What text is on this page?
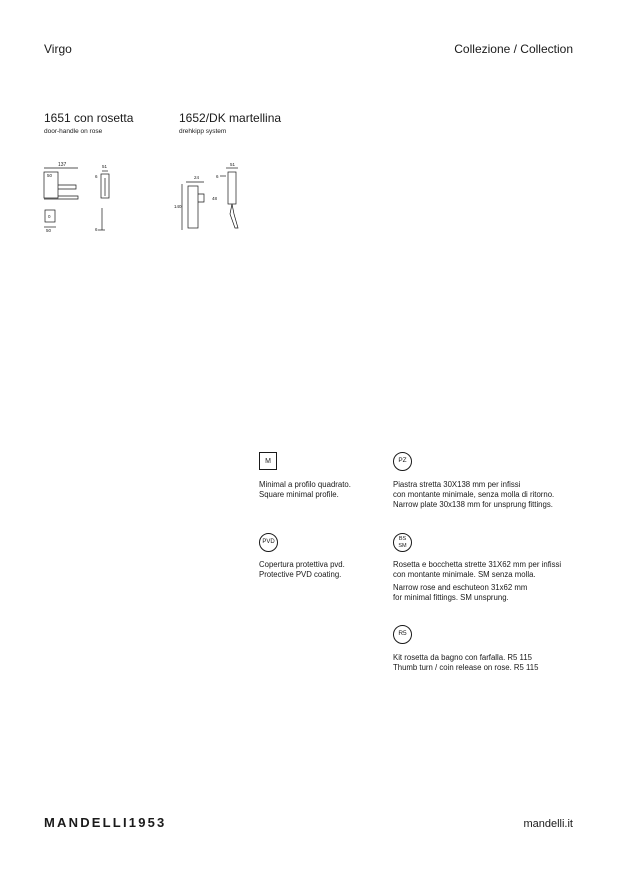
Virgo	Collezione / Collection
1651 con rosetta
door-handle on rose
1652/DK martellina
drehkipp system
137
50
51
6
0
50	6
51
24	6
140
48
M
Minimal a profilo quadrato.
Square minimal profile.
PZ
Piastra stretta 30X138 mm per infissi
con montante minimale, senza molla di ritorno.
Narrow plate 30x138 mm for unsprung fittings.
PVD
Copertura protettiva pvd.
Protective PVD coating.
BS
SM
Rosetta e bocchetta strette 31X62 mm per infissi
con montante minimale. SM senza molla.
Narrow rose and eschuteon 31x62 mm
for minimal fittings. SM unsprung.
R5
Kit rosetta da bagno con farfalla. R5 115
Thumb turn / coin release on rose. R5 115
MANDELLI1953	mandelli.it
